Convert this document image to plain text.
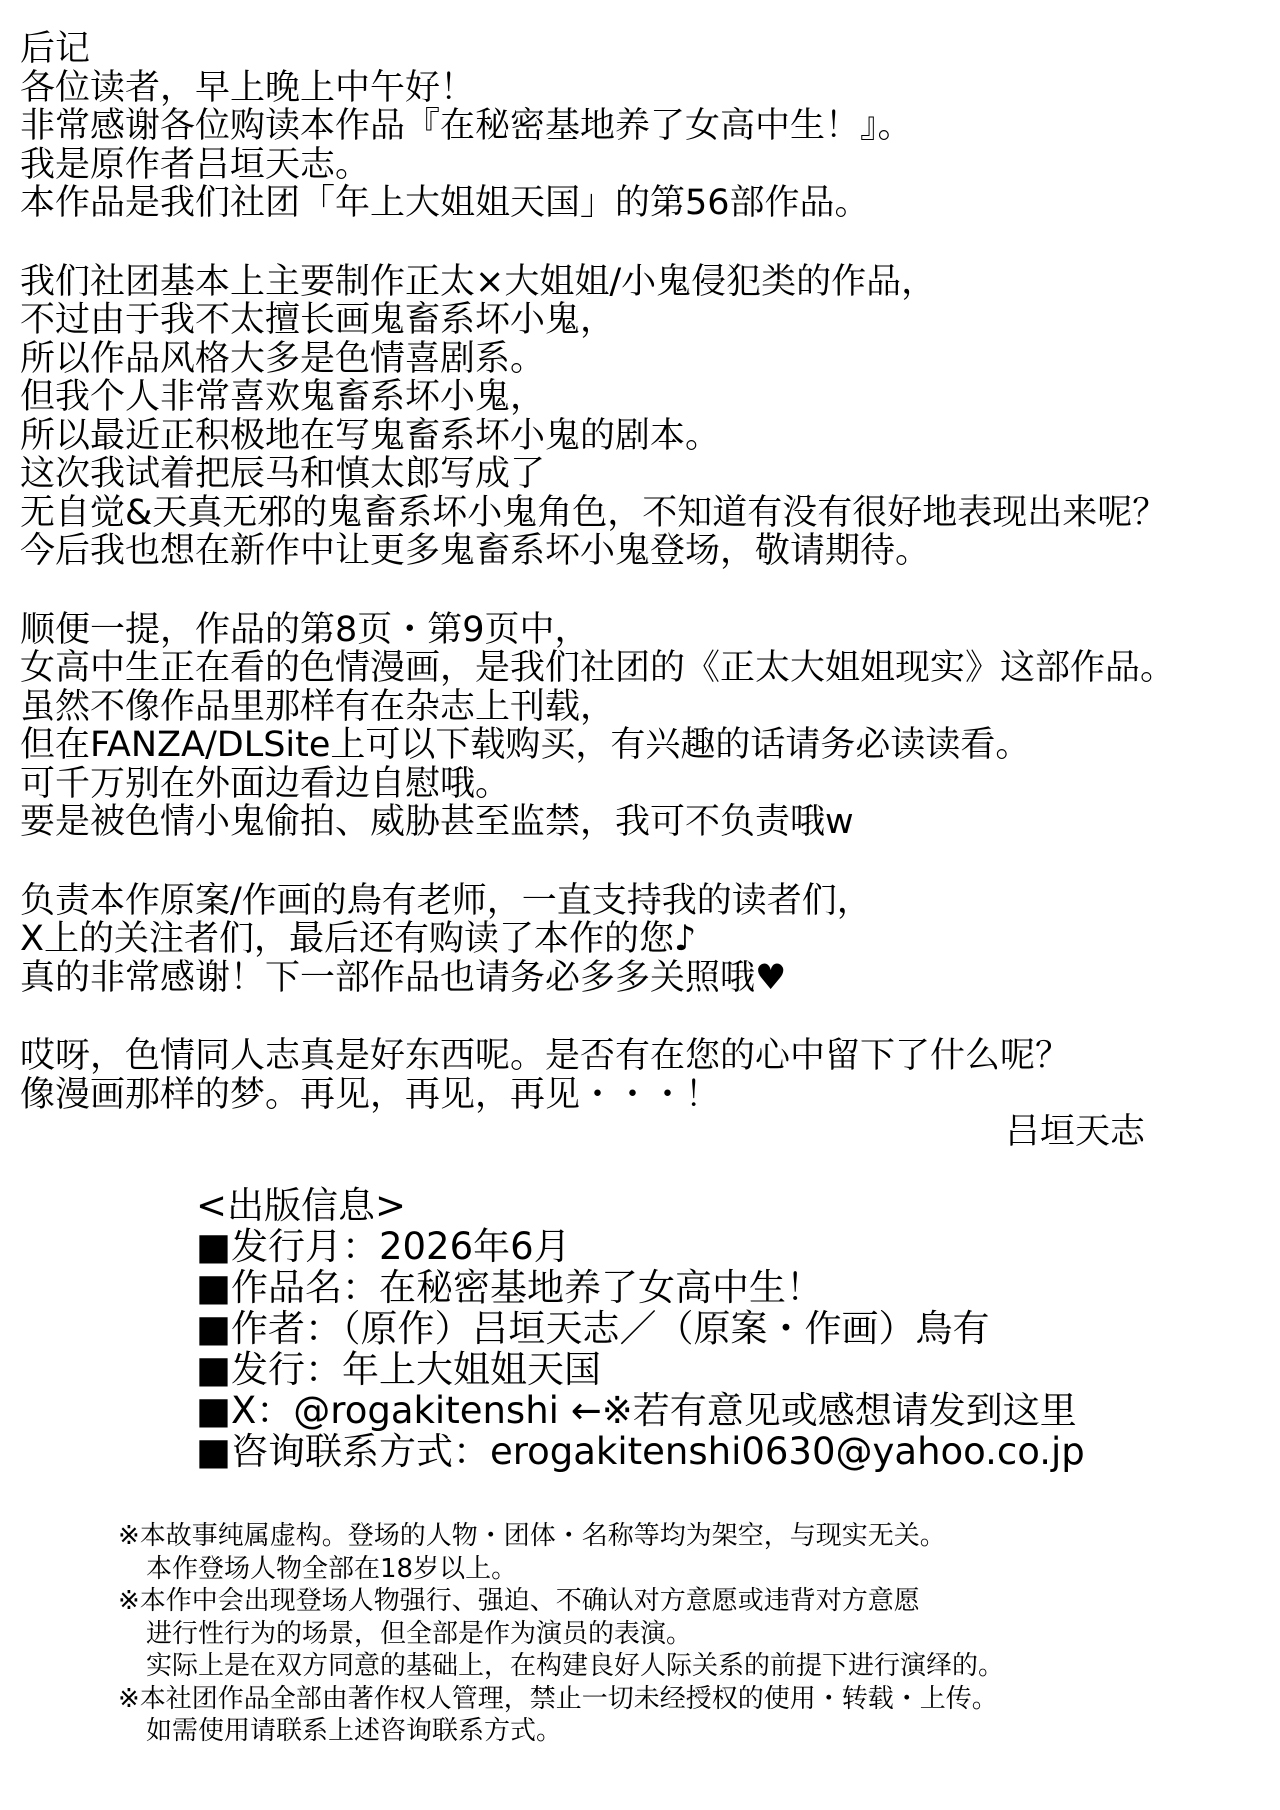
后记
各位读者，早上晚上中午好！
非常感谢各位购读本作品『在秘密基地养了女高中生！』。
我是原作者吕垣天志。
本作品是我们社团「年上大姐姐天国」的第56部作品。
我们社团基本上主要制作正太×大姐姐/小鬼侵犯类的作品，
不过由于我不太擅长画鬼畜系坏小鬼，
所以作品风格大多是色情喜剧系。
但我个人非常喜欢鬼畜系坏小鬼，
所以最近正积极地在写鬼畜系坏小鬼的剧本。
这次我试着把辰马和慎太郎写成了
无自觉&天真无邪的鬼畜系坏小鬼角色，不知道有没有很好地表现出来呢？
今后我也想在新作中让更多鬼畜系坏小鬼登场，敬请期待。
顺便一提，作品的第8页・第9页中，
女高中生正在看的色情漫画，是我们社团的《正太大姐姐现实》这部作品。
虽然不像作品里那样有在杂志上刊载，
但在FANZA/DLSite上可以下载购买，有兴趣的话请务必读读看。
可千万别在外面边看边自慰哦。
要是被色情小鬼偷拍、威胁甚至监禁，我可不负责哦w
负责本作原案/作画的鳥有老师，一直支持我的读者们，
X上的关注者们，最后还有购读了本作的您♪
真的非常感谢！下一部作品也请务必多多关照哦♥
哎呀，色情同人志真是好东西呢。是否有在您的心中留下了什么呢？
像漫画那样的梦。再见，再见，再见・・・！
吕垣天志
<出版信息>
■发行月：2026年6月
■作品名：在秘密基地养了女高中生！
■作者：（原作）吕垣天志／（原案・作画）鳥有
■发行：年上大姐姐天国
■X：@rogakitenshi ←※若有意见或感想请发到这里
■咨询联系方式：erogakitenshi0630@yahoo.co.jp
※本故事纯属虚构。登场的人物・团体・名称等均为架空，与现实无关。
本作登场人物全部在18岁以上。
※本作中会出现登场人物强行、强迫、不确认对方意愿或违背对方意愿
进行性行为的场景，但全部是作为演员的表演。
实际上是在双方同意的基础上，在构建良好人际关系的前提下进行演绎的。
※本社团作品全部由著作权人管理，禁止一切未经授权的使用・转载・上传。
如需使用请联系上述咨询联系方式。
